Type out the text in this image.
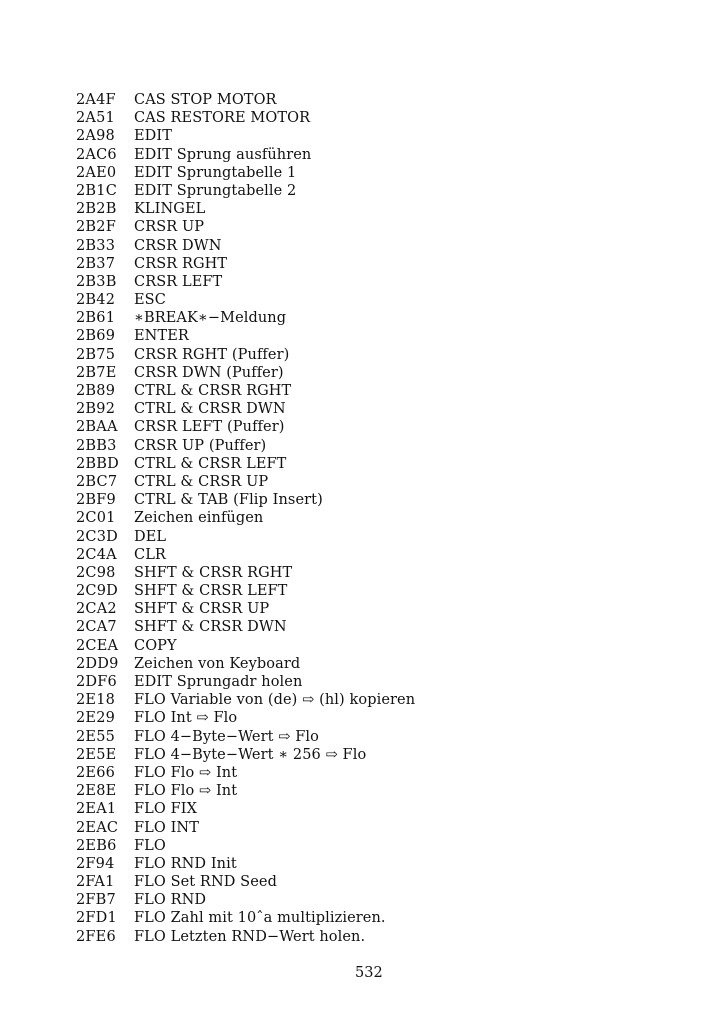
2A4F	CAS STOP MOTOR
2A51	CAS RESTORE MOTOR
2A98	EDIT
2AC6	EDIT Sprung ausführen
2AE0	EDIT Sprungtabelle 1
2B1C	EDIT Sprungtabelle 2
2B2B	KLINGEL
2B2F	CRSR UP
2B33	CRSR DWN
2B37	CRSR RGHT
2B3B	CRSR LEFT
2B42	ESC
2B61	∗BREAK∗−Meldung
2B69	ENTER
2B75	CRSR RGHT (Puffer)
2B7E	CRSR DWN (Puffer)
2B89	CTRL & CRSR RGHT
2B92	CTRL & CRSR DWN
2BAA	CRSR LEFT (Puffer)
2BB3	CRSR UP (Puffer)
2BBD	CTRL & CRSR LEFT
2BC7	CTRL & CRSR UP
2BF9	CTRL & TAB (Flip Insert)
2C01	Zeichen einfügen
2C3D	DEL
2C4A	CLR
2C98	SHFT & CRSR RGHT
2C9D	SHFT & CRSR LEFT
2CA2	SHFT & CRSR UP
2CA7	SHFT & CRSR DWN
2CEA	COPY
2DD9	Zeichen von Keyboard
2DF6	EDIT Sprungadr holen
2E18	FLO Variable von (de) ⇨ (hl) kopieren
2E29	FLO Int ⇨ Flo
2E55	FLO 4−Byte−Wert ⇨ Flo
2E5E	FLO 4−Byte−Wert ∗ 256 ⇨ Flo
2E66	FLO Flo ⇨ Int
2E8E	FLO Flo ⇨ Int
2EA1	FLO FIX
2EAC	FLO INT
2EB6	FLO
2F94	FLO RND Init
2FA1	FLO Set RND Seed
2FB7	FLO RND
2FD1	FLO Zahl mit 10ˆa multiplizieren.
2FE6	FLO Letzten RND−Wert holen.
532
